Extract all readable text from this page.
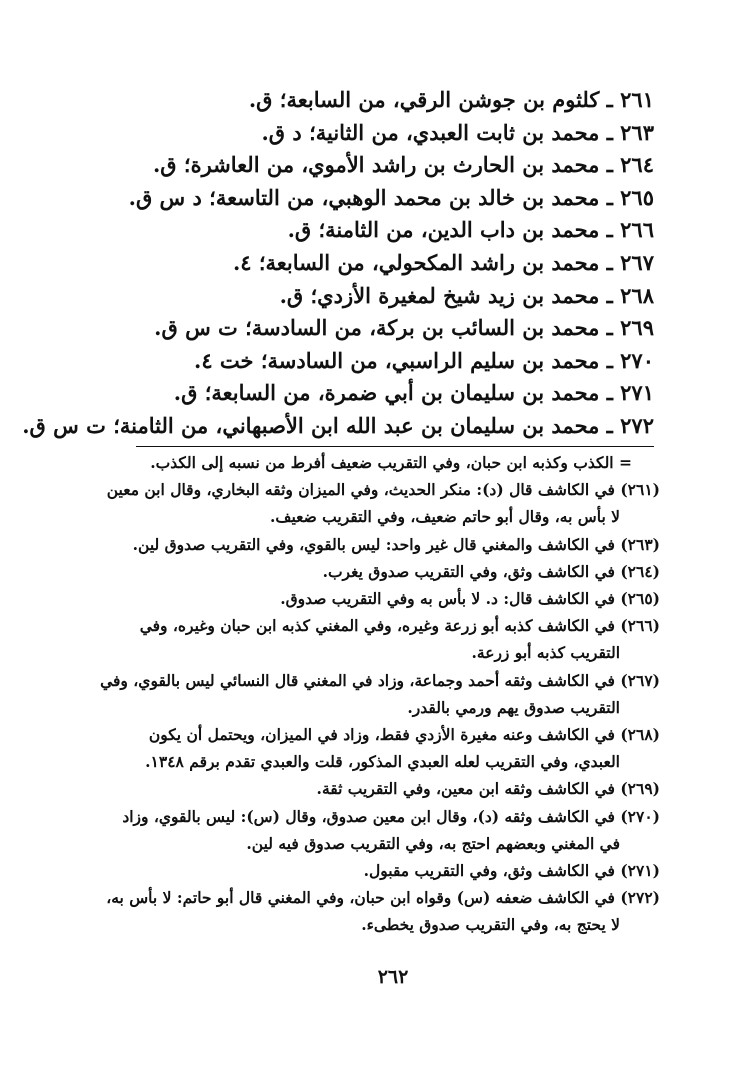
٢٦١ ـ كلثوم بن جوشن الرقي، من السابعة؛ ق.
٢٦٣ ـ محمد بن ثابت العبدي، من الثانية؛ د ق.
٢٦٤ ـ محمد بن الحارث بن راشد الأموي، من العاشرة؛ ق.
٢٦٥ ـ محمد بن خالد بن محمد الوهبي، من التاسعة؛ د س ق.
٢٦٦ ـ محمد بن داب الدين، من الثامنة؛ ق.
٢٦٧ ـ محمد بن راشد المكحولي، من السابعة؛ ٤.
٢٦٨ ـ محمد بن زيد شيخ لمغيرة الأزدي؛ ق.
٢٦٩ ـ محمد بن السائب بن بركة، من السادسة؛ ت س ق.
٢٧٠ ـ محمد بن سليم الراسبي، من السادسة؛ خت ٤.
٢٧١ ـ محمد بن سليمان بن أبي ضمرة، من السابعة؛ ق.
٢٧٢ ـ محمد بن سليمان بن عبد الله ابن الأصبهاني، من الثامنة؛ ت س ق.
= الكذب وكذبه ابن حبان، وفي التقريب ضعيف أفرط من نسبه إلى الكذب.
(٢٦١) في الكاشف قال (د): منكر الحديث، وفي الميزان وثقه البخاري، وقال ابن معين
لا بأس به، وقال أبو حاتم ضعيف، وفي التقريب ضعيف.
(٢٦٣) في الكاشف والمغني قال غير واحد: ليس بالقوي، وفي التقريب صدوق لين.
(٢٦٤) في الكاشف وثق، وفي التقريب صدوق يغرب.
(٢٦٥) في الكاشف قال: د. لا بأس به وفي التقريب صدوق.
(٢٦٦) في الكاشف كذبه أبو زرعة وغيره، وفي المغني كذبه ابن حبان وغيره، وفي
التقريب كذبه أبو زرعة.
(٢٦٧) في الكاشف وثقه أحمد وجماعة، وزاد في المغني قال النسائي ليس بالقوي، وفي
التقريب صدوق يهم ورمي بالقدر.
(٢٦٨) في الكاشف وعنه مغيرة الأزدي فقط، وزاد في الميزان، ويحتمل أن يكون
العبدي، وفي التقريب لعله العبدي المذكور، قلت والعبدي تقدم برقم ١٣٤٨.
(٢٦٩) في الكاشف وثقه ابن معين، وفي التقريب ثقة.
(٢٧٠) في الكاشف وثقه (د)، وقال ابن معين صدوق، وقال (س): ليس بالقوي، وزاد
في المغني وبعضهم احتج به، وفي التقريب صدوق فيه لين.
(٢٧١) في الكاشف وثق، وفي التقريب مقبول.
(٢٧٢) في الكاشف ضعفه (س) وقواه ابن حبان، وفي المغني قال أبو حاتم: لا بأس به،
لا يحتج به، وفي التقريب صدوق يخطىء.
٢٦٢
